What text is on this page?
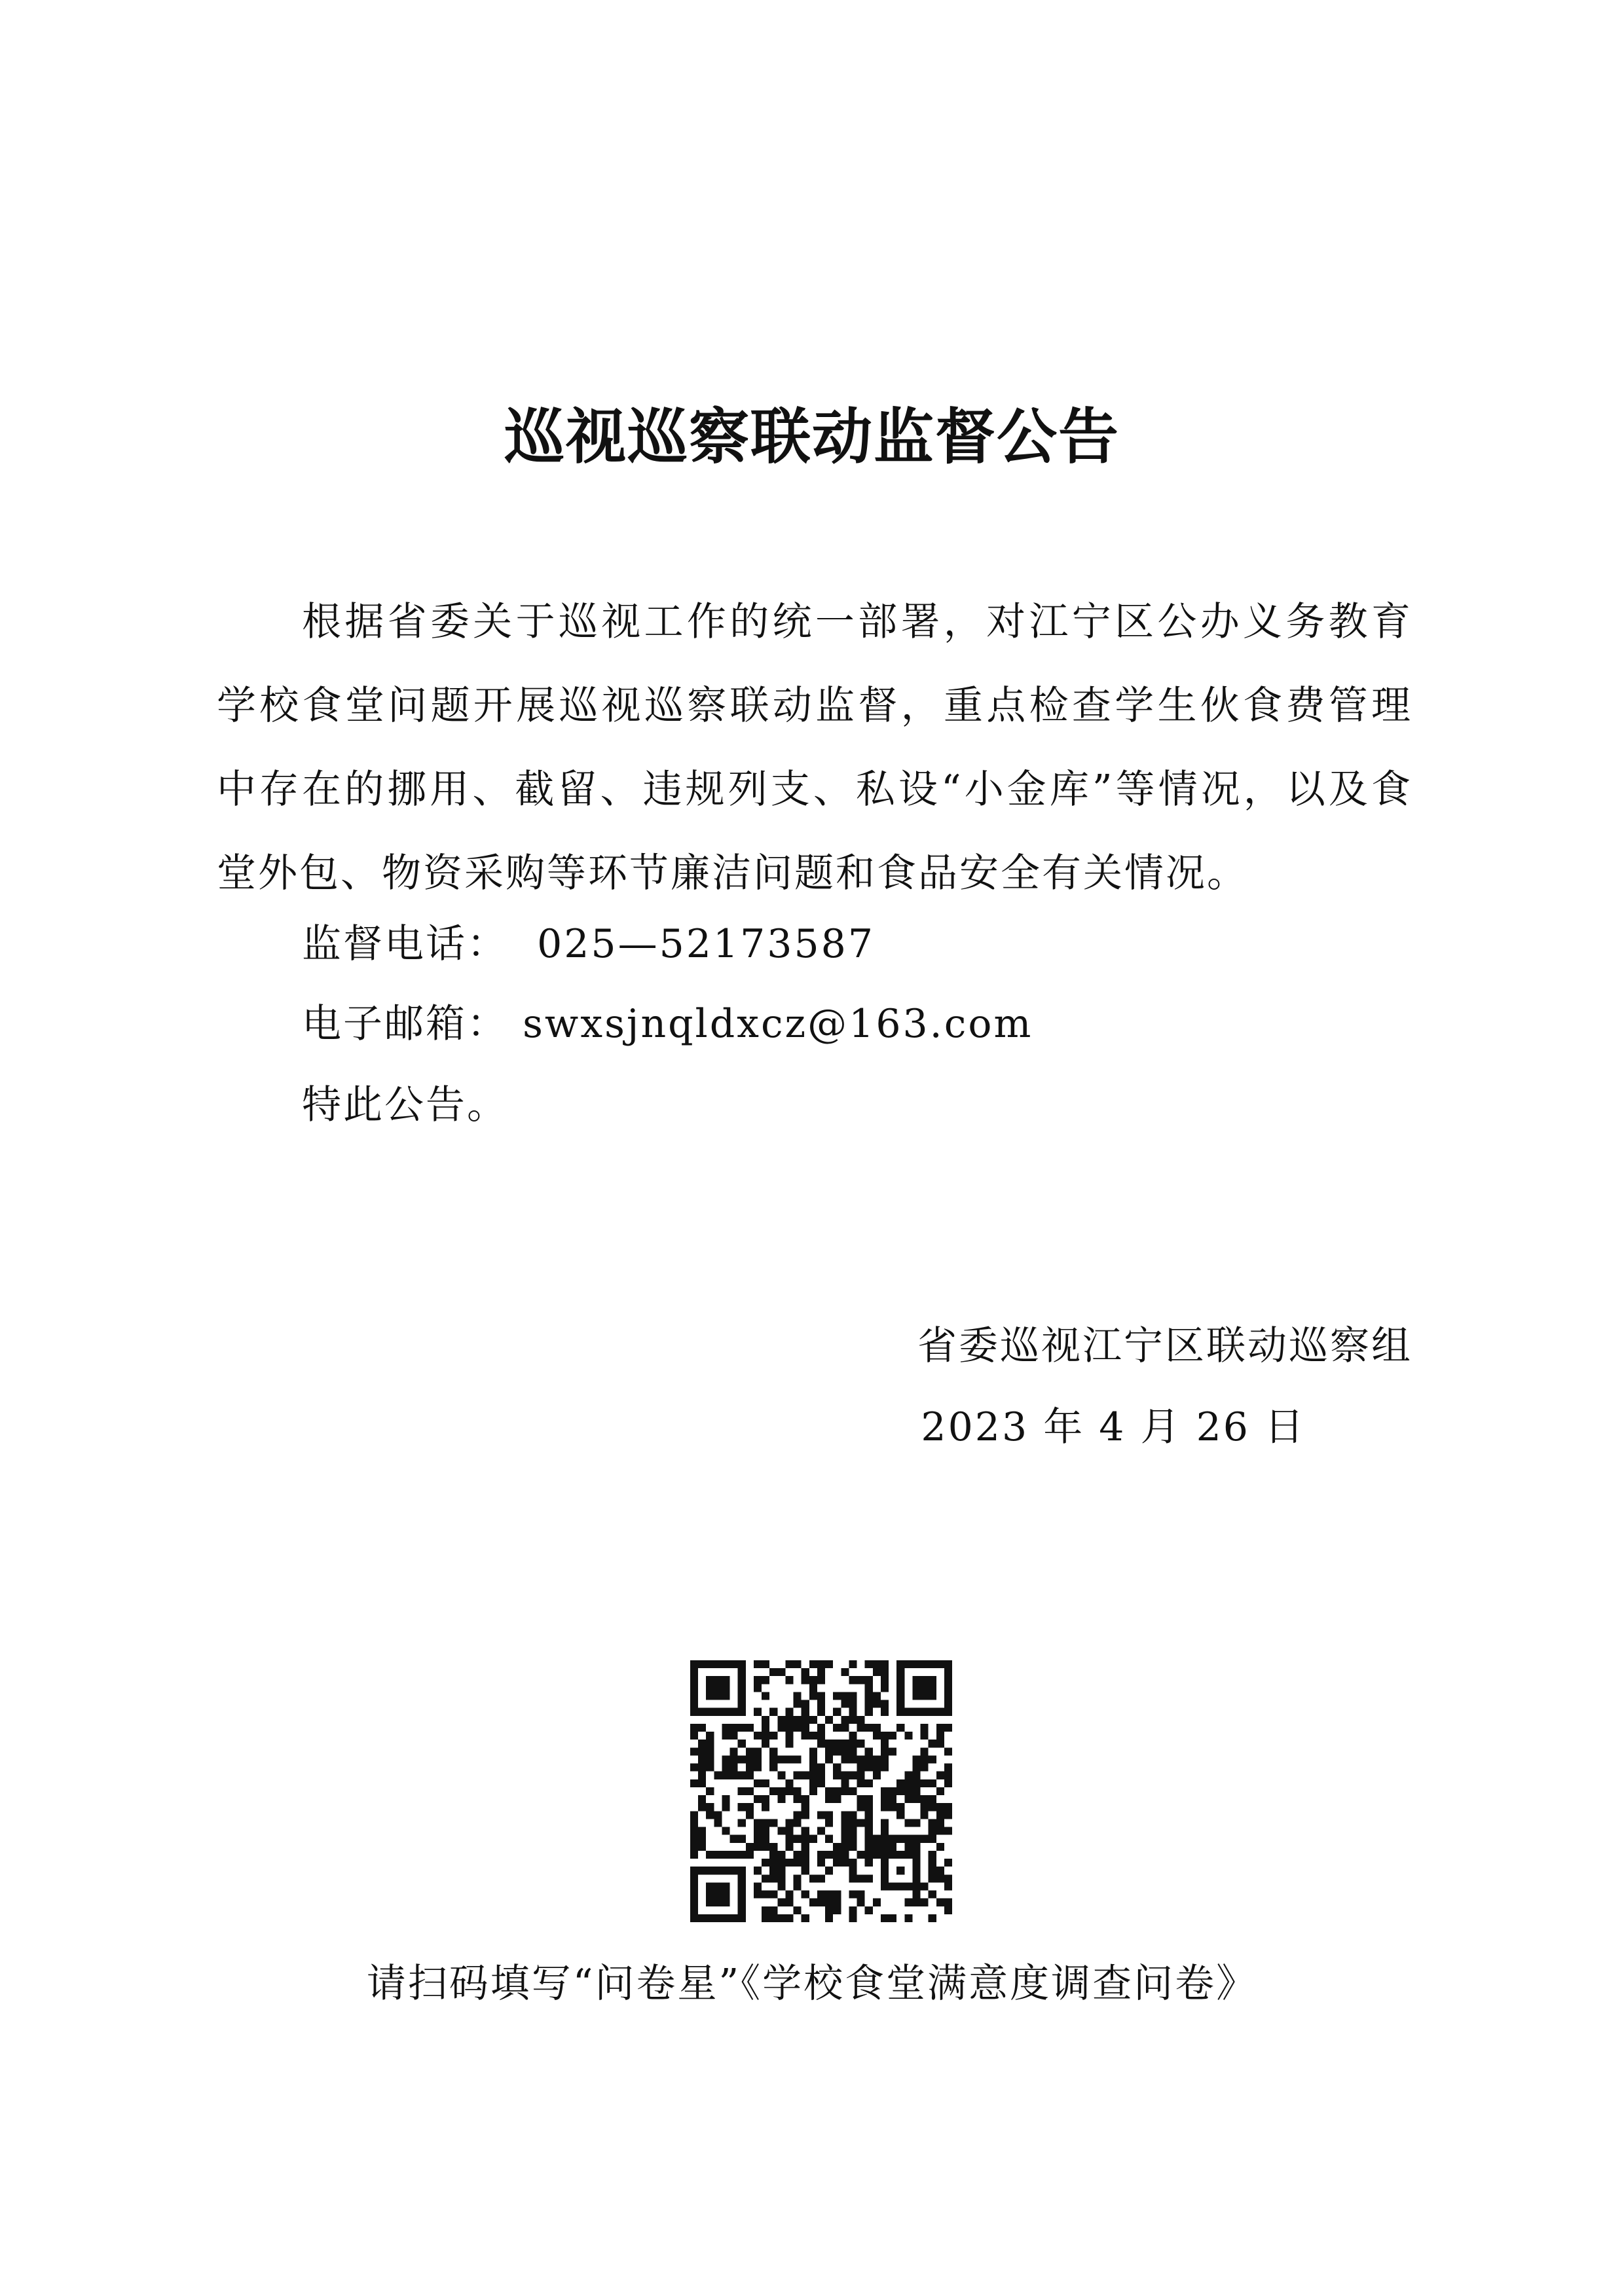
巡视巡察联动监督公告
根据省委关于巡视工作的统一部署，对江宁区公办义务教育学校食堂问题开展巡视巡察联动监督，重点检查学生伙食费管理中存在的挪用、截留、违规列支、私设“小金库”等情况，以及食堂外包、物资采购等环节廉洁问题和食品安全有关情况。
监督电话： 025—52173587
电子邮箱： swxsjnqldxcz@163.com
特此公告。
省委巡视江宁区联动巡察组
2023 年 4 月 26 日
请扫码填写“问卷星”《学校食堂满意度调查问卷》
